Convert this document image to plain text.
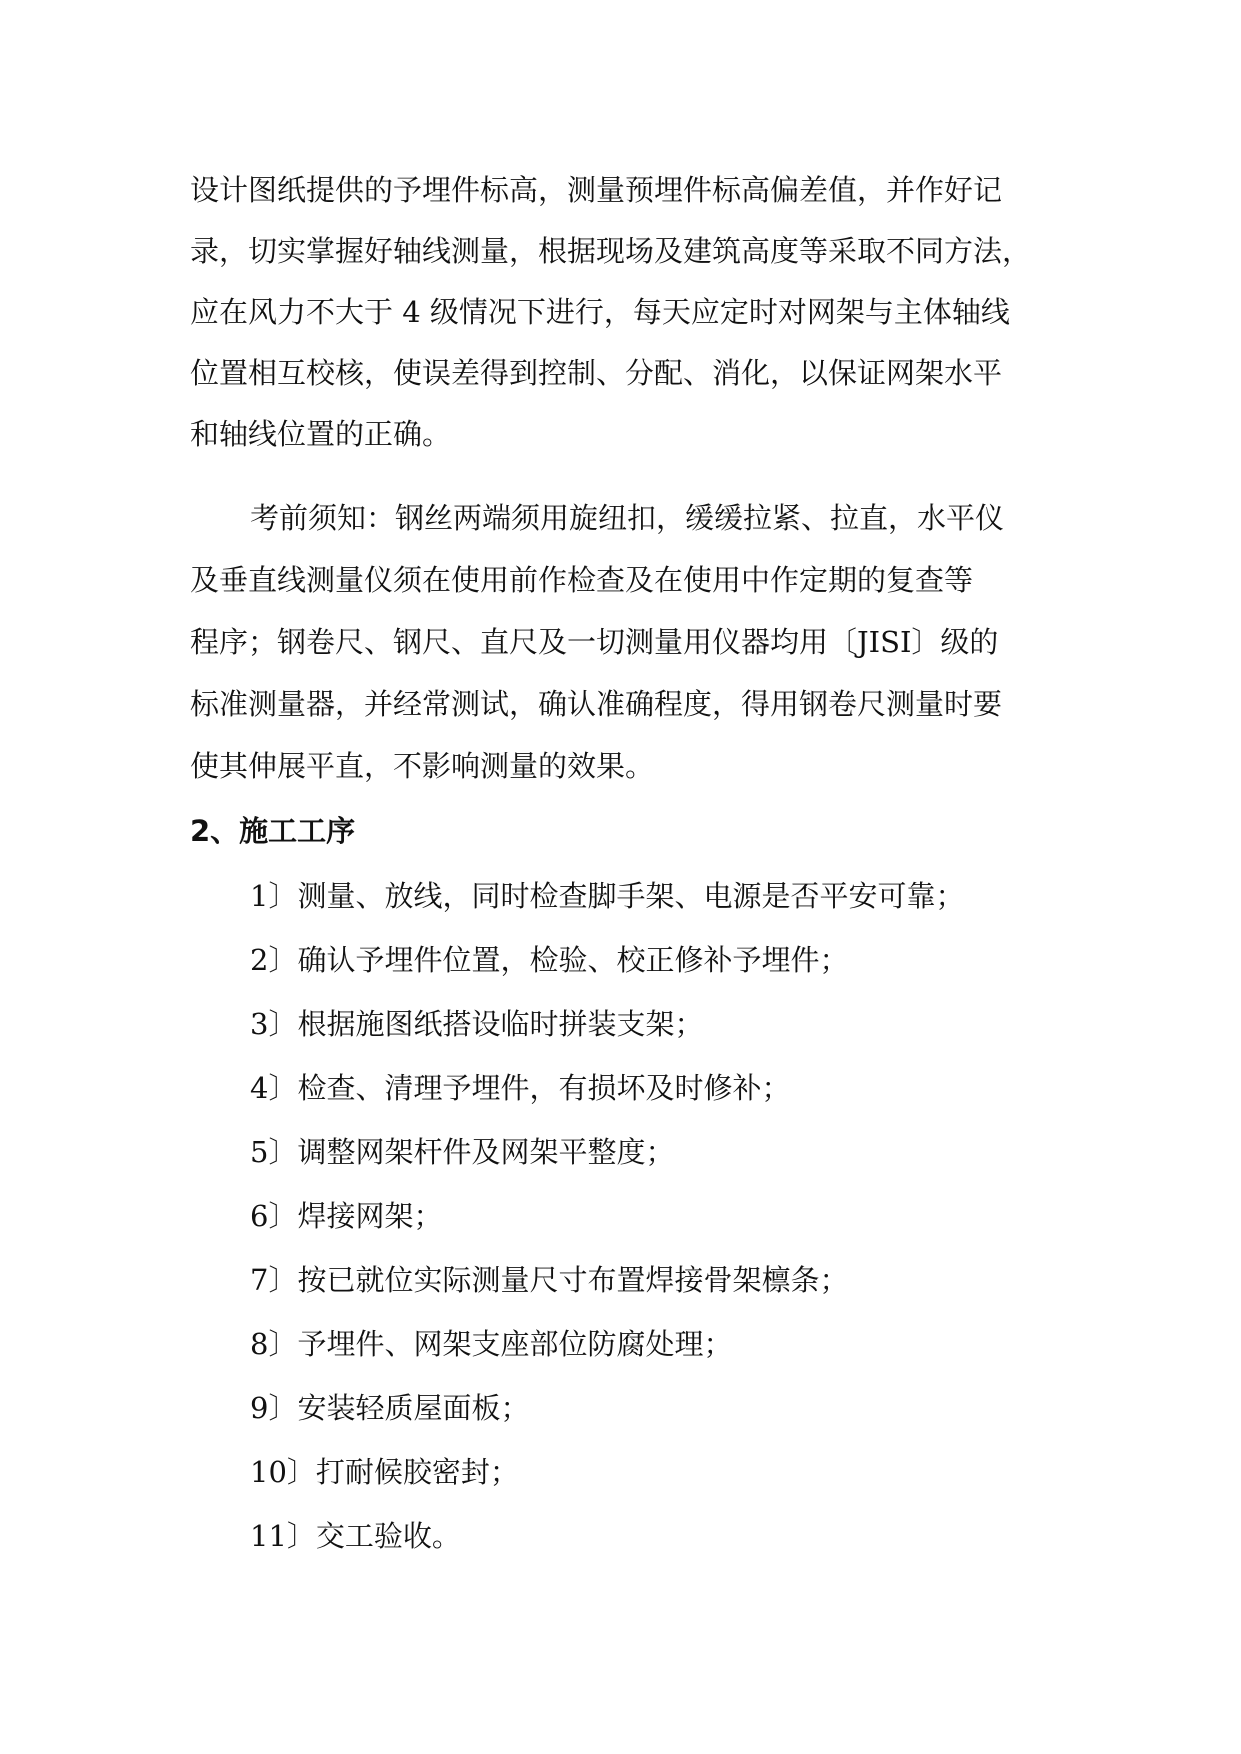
设计图纸提供的予埋件标高，测量预埋件标高偏差值，并作好记
录，切实掌握好轴线测量，根据现场及建筑高度等采取不同方法，
应在风力不大于 4 级情况下进行，每天应定时对网架与主体轴线
位置相互校核，使误差得到控制、分配、消化，以保证网架水平
和轴线位置的正确。
考前须知：钢丝两端须用旋纽扣，缓缓拉紧、拉直，水平仪
及垂直线测量仪须在使用前作检查及在使用中作定期的复查等
程序；钢卷尺、钢尺、直尺及一切测量用仪器均用〔JISI〕级的
标准测量器，并经常测试，确认准确程度，得用钢卷尺测量时要
使其伸展平直，不影响测量的效果。
2、施工工序
1〕测量、放线，同时检查脚手架、电源是否平安可靠；
2〕确认予埋件位置，检验、校正修补予埋件；
3〕根据施图纸搭设临时拼装支架；
4〕检查、清理予埋件，有损坏及时修补；
5〕调整网架杆件及网架平整度；
6〕焊接网架；
7〕按已就位实际测量尺寸布置焊接骨架檩条；
8〕予埋件、网架支座部位防腐处理；
9〕安装轻质屋面板；
10〕打耐候胶密封；
11〕交工验收。
